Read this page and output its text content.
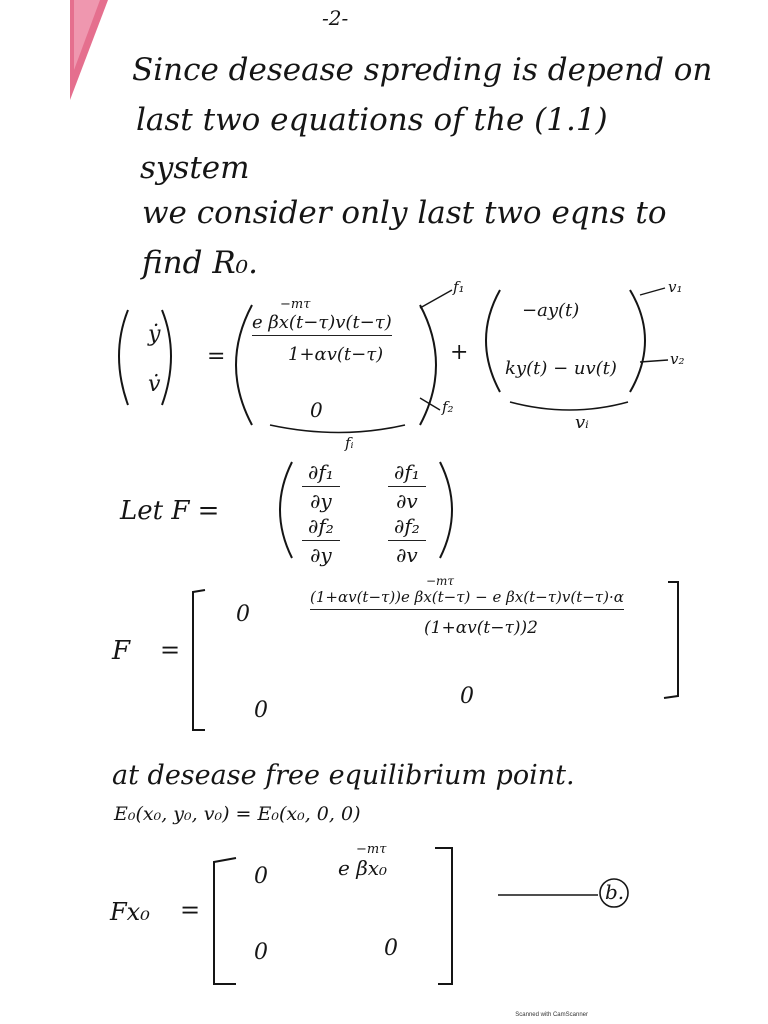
-2-
Since desease spreding is depend on
last two equations of the (1.1)
system
we consider only last two eqns to
find R₀.
ẏ
v̇
=
−mτ
e βx(t−τ)v(t−τ)
1+αv(t−τ)
0
+
−ay(t)
ky(t) − uv(t)
f₁
f₂
v₁
v₂
fᵢ
vᵢ
Let F =	$\frac{\text{∂f₁}}{\partial y} \frac{\text{∂f₁}}{\partial v}$
$\frac{\text{∂f₂}}{\partial y} \frac{\text{∂f₂}}{\partial v}$
F =
0
−mτ
(1+αv(t−τ))e βx(t−τ) − e βx(t−τ)v(t−τ)·α
(1+αv(t−τ))2
0
0
at desease free equilibrium point.
E₀(x₀, y₀, v₀) = E₀(x₀, 0, 0)
Fx₀ =
0
−mτ
e βx₀
0	0
b.
Scanned with CamScanner
